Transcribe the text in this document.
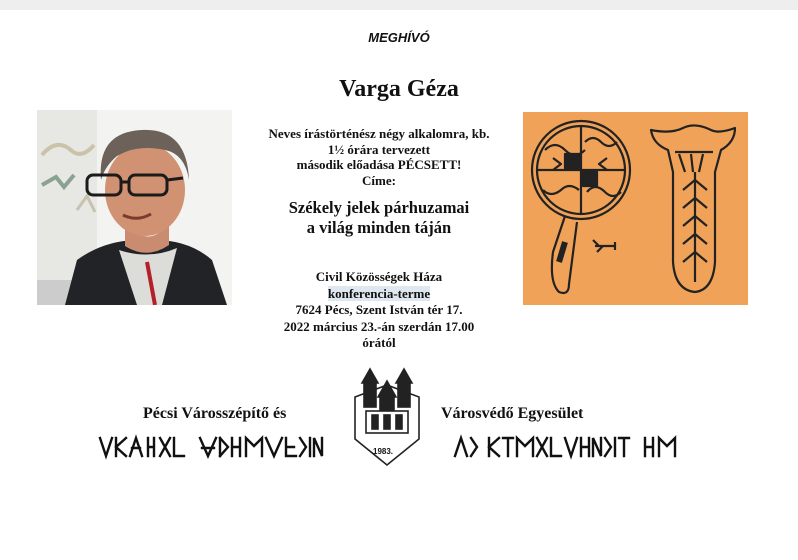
MEGHÍVÓ
Varga Géza
Neves írástörténész négy alkalomra, kb.
1½ órára tervezett
második előadása PÉCSETT!
Címe:
Székely jelek párhuzamai
a világ minden táján
Civil Közösségek Háza
konferencia-terme
7624 Pécs, Szent István tér 17.
2022 március 23.-án szerdán 17.00
órától
Pécsi Városszépítő és	Városvédő Egyesület
1983.
